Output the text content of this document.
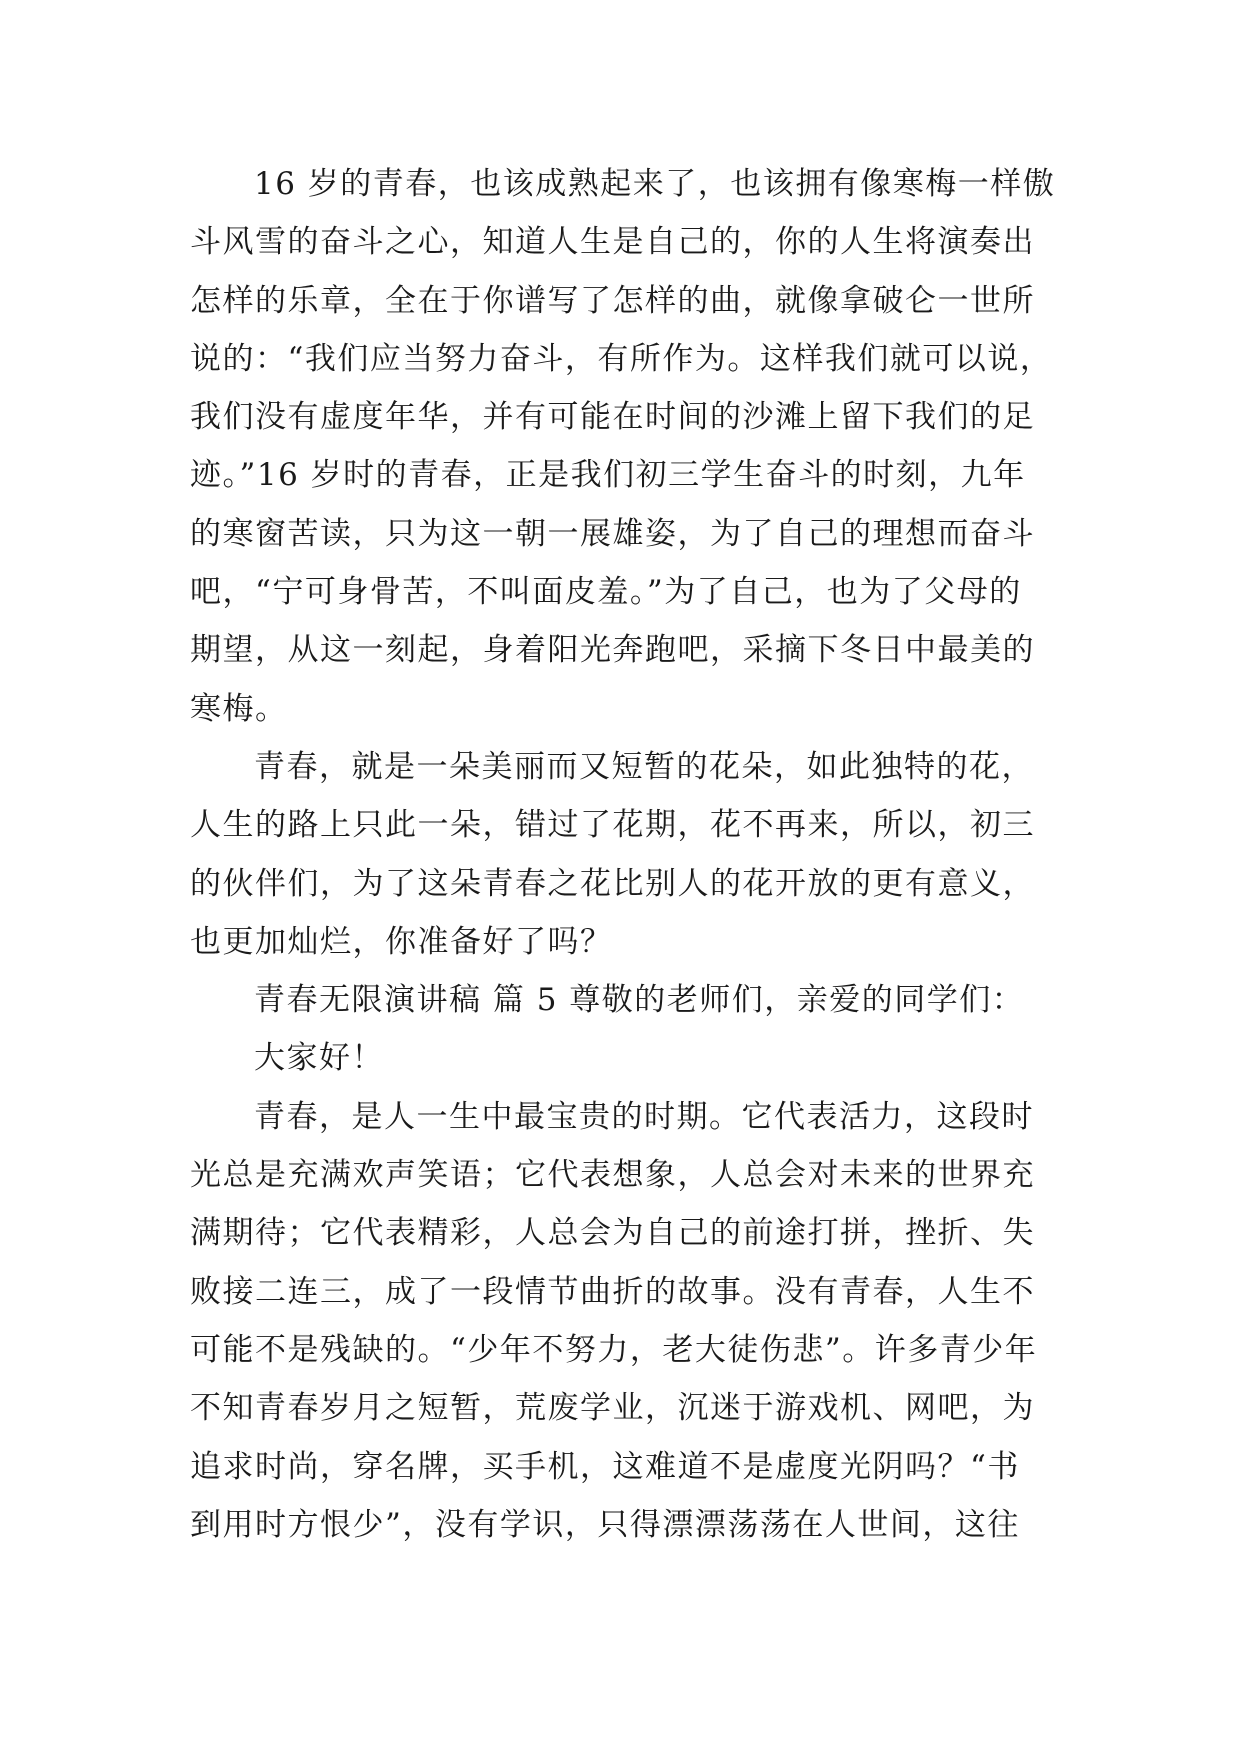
16 岁的青春，也该成熟起来了，也该拥有像寒梅一样傲
斗风雪的奋斗之心，知道人生是自己的，你的人生将演奏出
怎样的乐章，全在于你谱写了怎样的曲，就像拿破仑一世所
说的：“我们应当努力奋斗，有所作为。这样我们就可以说，
我们没有虚度年华，并有可能在时间的沙滩上留下我们的足
迹。”16 岁时的青春，正是我们初三学生奋斗的时刻，九年
的寒窗苦读，只为这一朝一展雄姿，为了自己的理想而奋斗
吧，“宁可身骨苦，不叫面皮羞。”为了自己，也为了父母的
期望，从这一刻起，身着阳光奔跑吧，采摘下冬日中最美的
寒梅。
青春，就是一朵美丽而又短暂的花朵，如此独特的花，
人生的路上只此一朵，错过了花期，花不再来，所以，初三
的伙伴们，为了这朵青春之花比别人的花开放的更有意义，
也更加灿烂，你准备好了吗？
青春无限演讲稿 篇 5 尊敬的老师们，亲爱的同学们：
大家好！
青春，是人一生中最宝贵的时期。它代表活力，这段时
光总是充满欢声笑语；它代表想象，人总会对未来的世界充
满期待；它代表精彩，人总会为自己的前途打拼，挫折、失
败接二连三，成了一段情节曲折的故事。没有青春，人生不
可能不是残缺的。“少年不努力，老大徒伤悲”。许多青少年
不知青春岁月之短暂，荒废学业，沉迷于游戏机、网吧，为
追求时尚，穿名牌，买手机，这难道不是虚度光阴吗？“书
到用时方恨少”，没有学识，只得漂漂荡荡在人世间，这往
